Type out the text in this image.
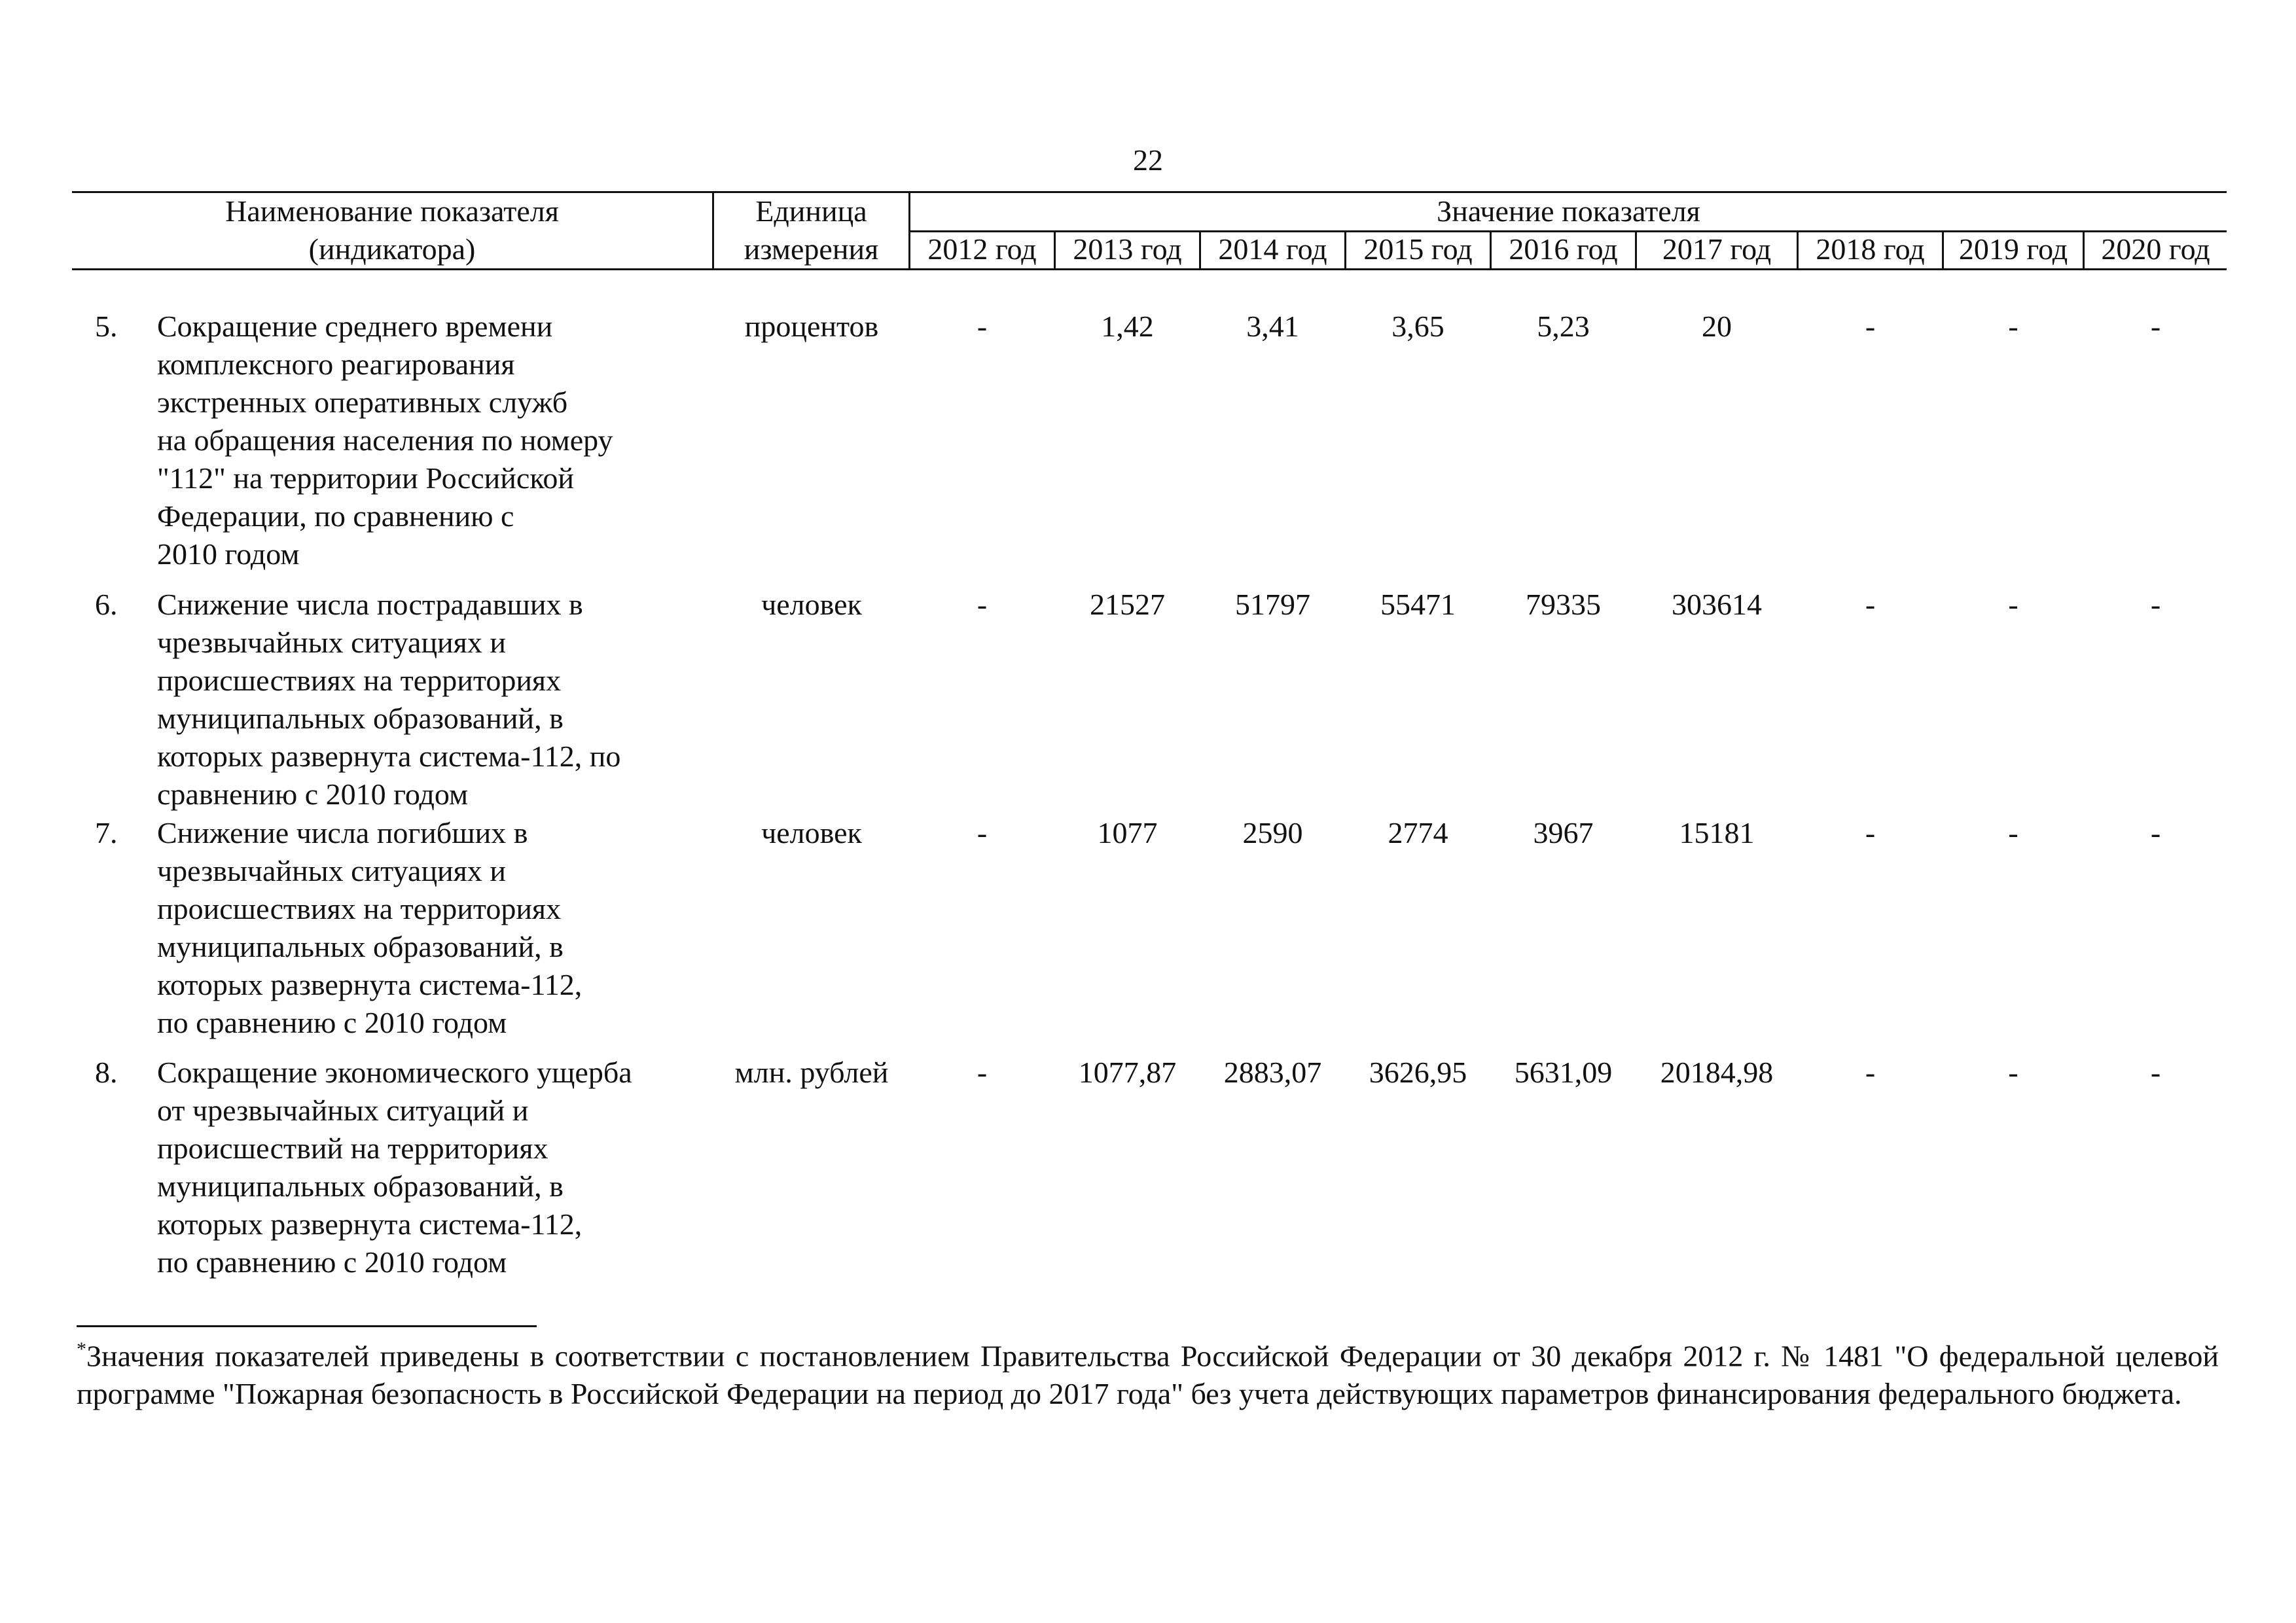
22
Наименование показателя
(индикатора)
Единица
измерения
Значение показателя
2012 год	2013 год	2014 год	2015 год	2016 год	2017 год	2018 год	2019 год	2020 год
5. Сокращение среднего времени
комплексного реагирования
экстренных оперативных служб
на обращения населения по номеру
"112" на территории Российской
Федерации, по сравнению с
2010 годом
процентов	-	1,42	3,41	3,65	5,23	20	-	-	-
6. Снижение числа пострадавших в
чрезвычайных ситуациях и
происшествиях на территориях
муниципальных образований, в
которых развернута система-112, по
сравнению с 2010 годом
человек	-	21527	51797	55471	79335	303614	-	-	-
7. Снижение числа погибших в
чрезвычайных ситуациях и
происшествиях на территориях
муниципальных образований, в
которых развернута система-112,
по сравнению с 2010 годом
человек	-	1077	2590	2774	3967	15181	-	-	-
8. Сокращение экономического ущерба
от чрезвычайных ситуаций и
происшествий на территориях
муниципальных образований, в
которых развернута система-112,
по сравнению с 2010 годом
млн. рублей	-	1077,87	2883,07	3626,95	5631,09	20184,98	-	-	-
*Значения показателей приведены в соответствии с постановлением Правительства Российской Федерации от 30 декабря 2012 г. № 1481 "О федеральной целевой программе "Пожарная безопасность в Российской Федерации на период до 2017 года" без учета действующих параметров финансирования федерального бюджета.
